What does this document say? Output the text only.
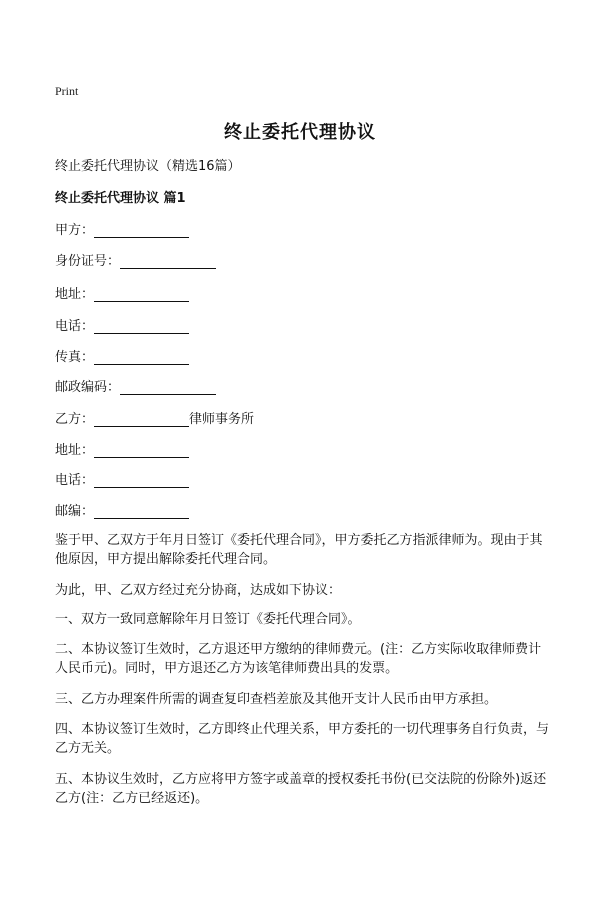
Print
终止委托代理协议
终止委托代理协议（精选16篇）
终止委托代理协议 篇1
甲方：
身份证号：
地址：
电话：
传真：
邮政编码：
乙方：	律师事务所
地址：
电话：
邮编：
鉴于甲、乙双方于年月日签订《委托代理合同》，甲方委托乙方指派律师为。现由于其他原因，甲方提出解除委托代理合同。
为此，甲、乙双方经过充分协商，达成如下协议：
一、双方一致同意解除年月日签订《委托代理合同》。
二、本协议签订生效时，乙方退还甲方缴纳的律师费元。(注：乙方实际收取律师费计人民币元)。同时，甲方退还乙方为该笔律师费出具的发票。
三、乙方办理案件所需的调查复印查档差旅及其他开支计人民币由甲方承担。
四、本协议签订生效时，乙方即终止代理关系，甲方委托的一切代理事务自行负责，与乙方无关。
五、本协议生效时，乙方应将甲方签字或盖章的授权委托书份(已交法院的份除外)返还乙方(注：乙方已经返还)。
